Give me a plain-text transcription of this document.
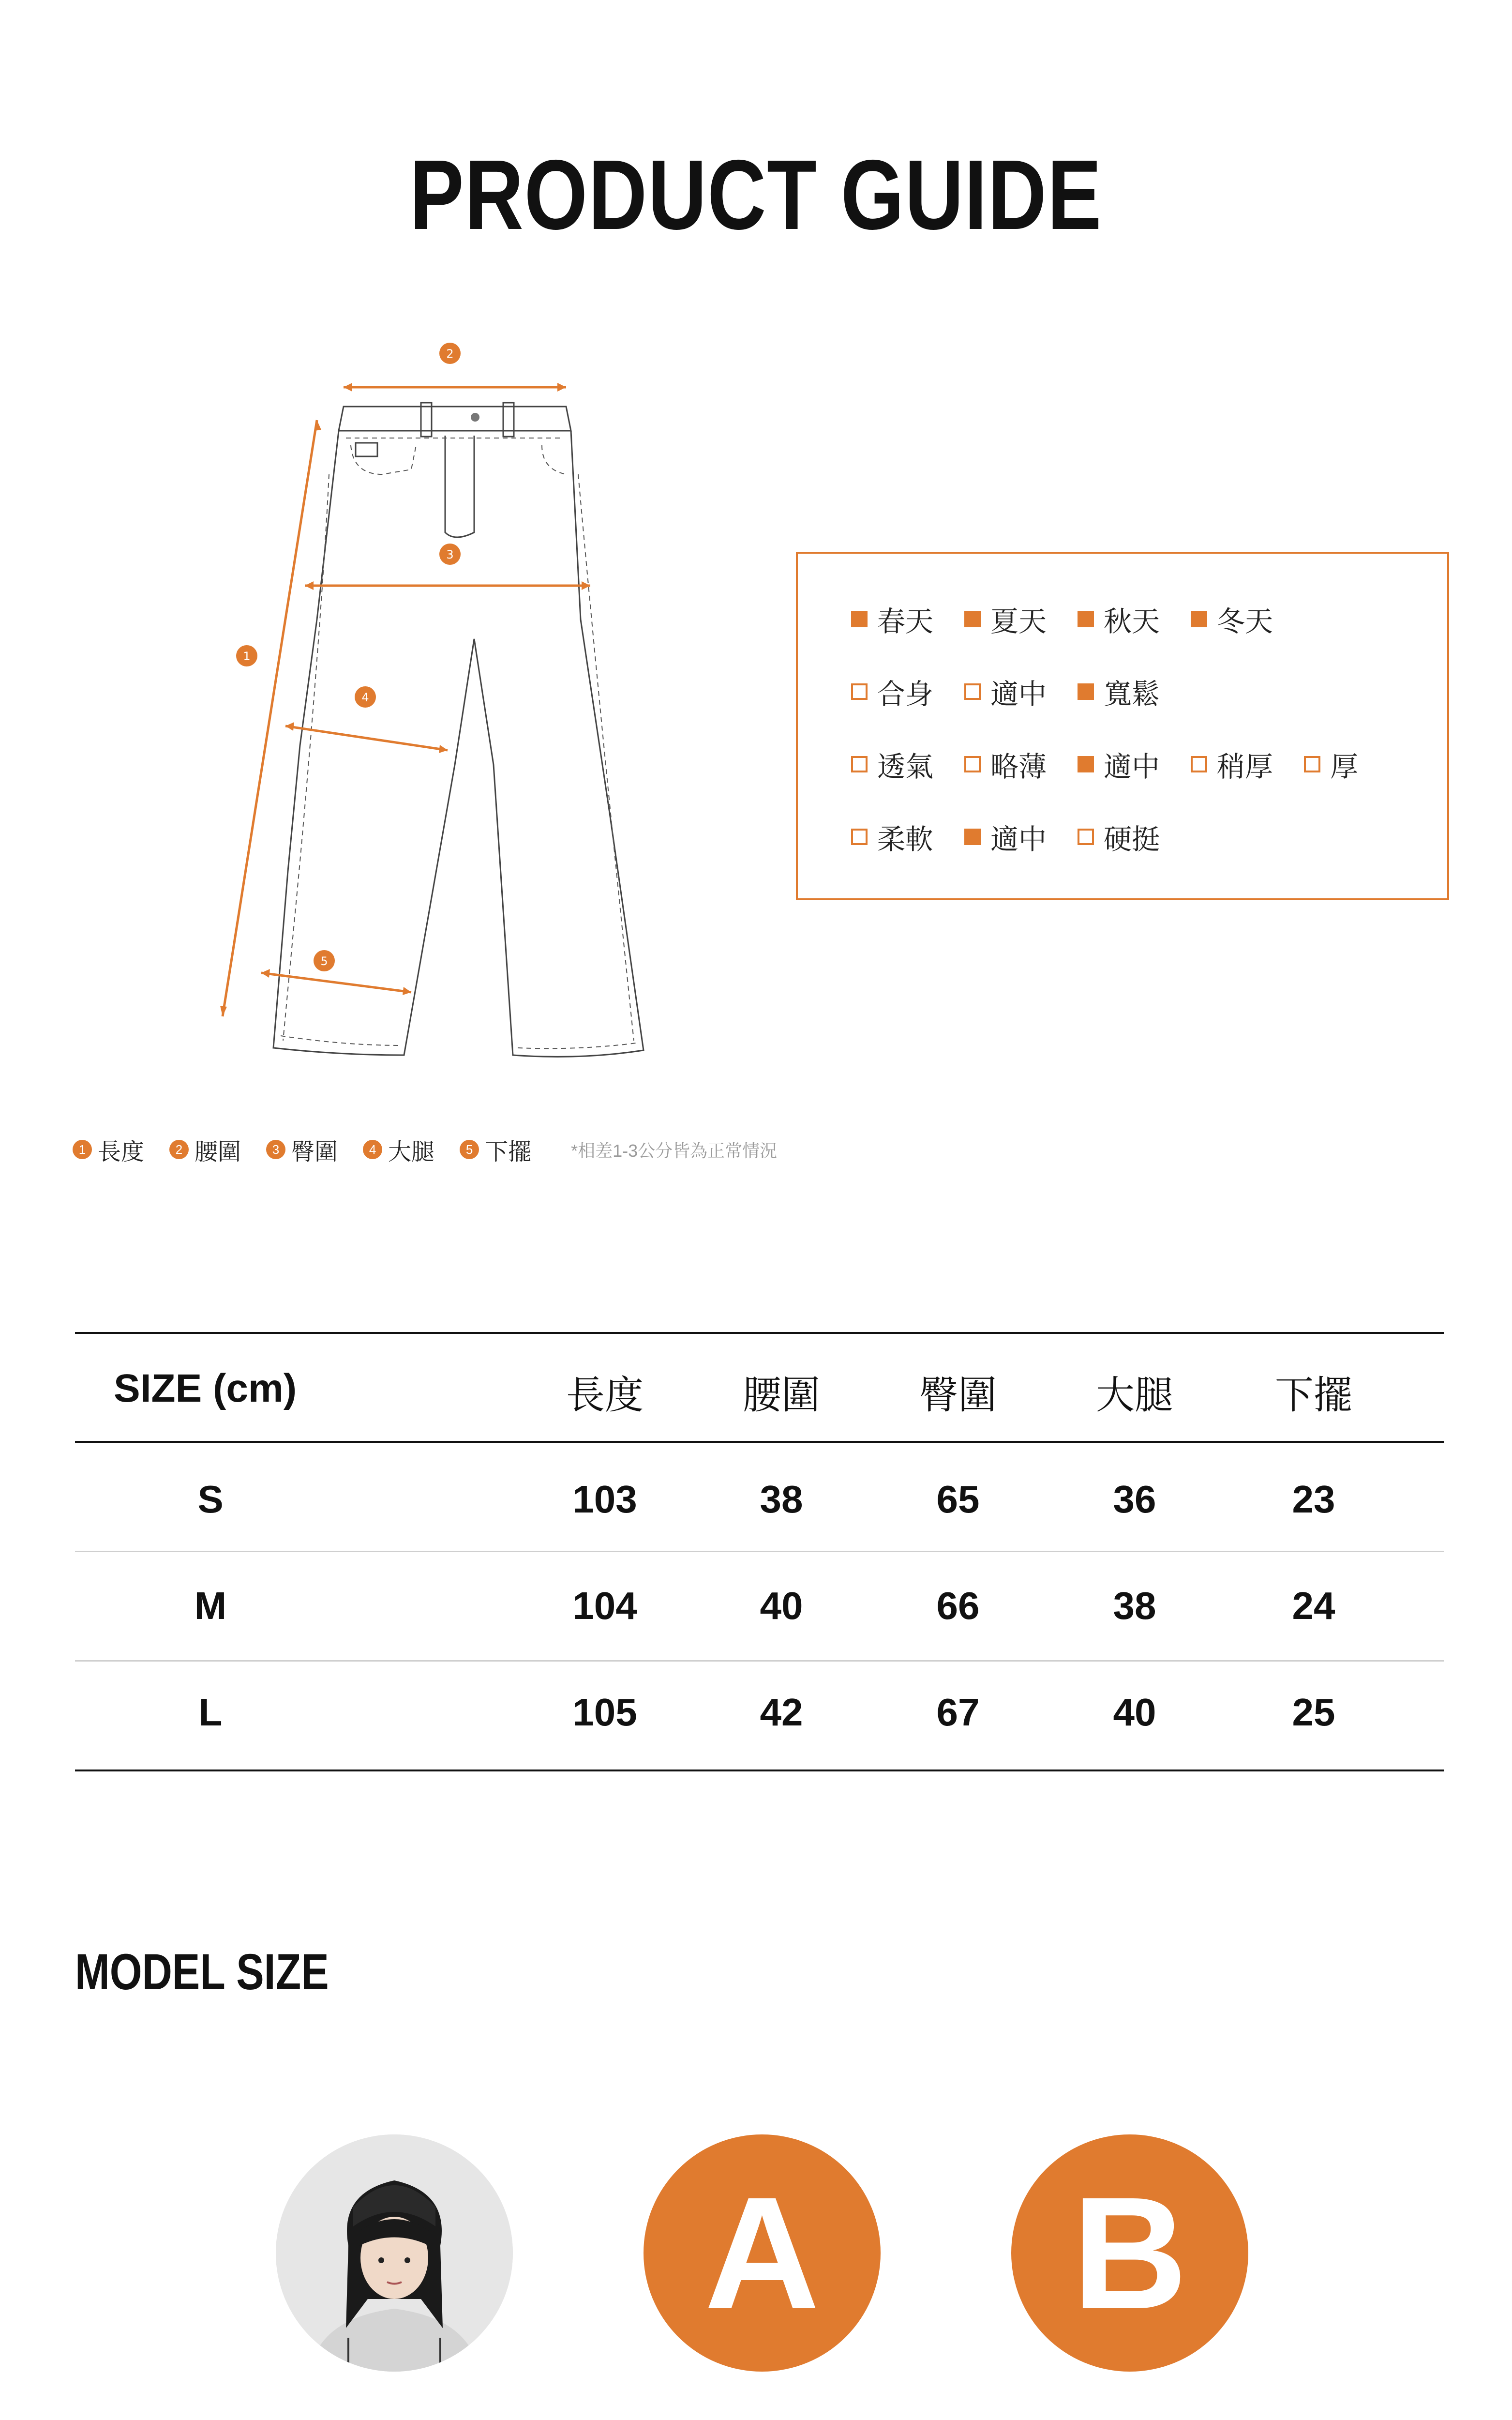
PRODUCT GUIDE
1
2
3
4
5
春天 夏天 秋天 冬天
合身 適中 寬鬆
透氣 略薄 適中 稍厚 厚
柔軟 適中 硬挺
1 長度	2 腰圍	3 臀圍	4 大腿	5 下擺 *相差1-3公分皆為正常情況
SIZE (cm)	長度	腰圍	臀圍	大腿	下擺
S	103	38	65	36	23
M	104	40	66	38	24
L	105	42	67	40	25
MODEL SIZE
A	B
